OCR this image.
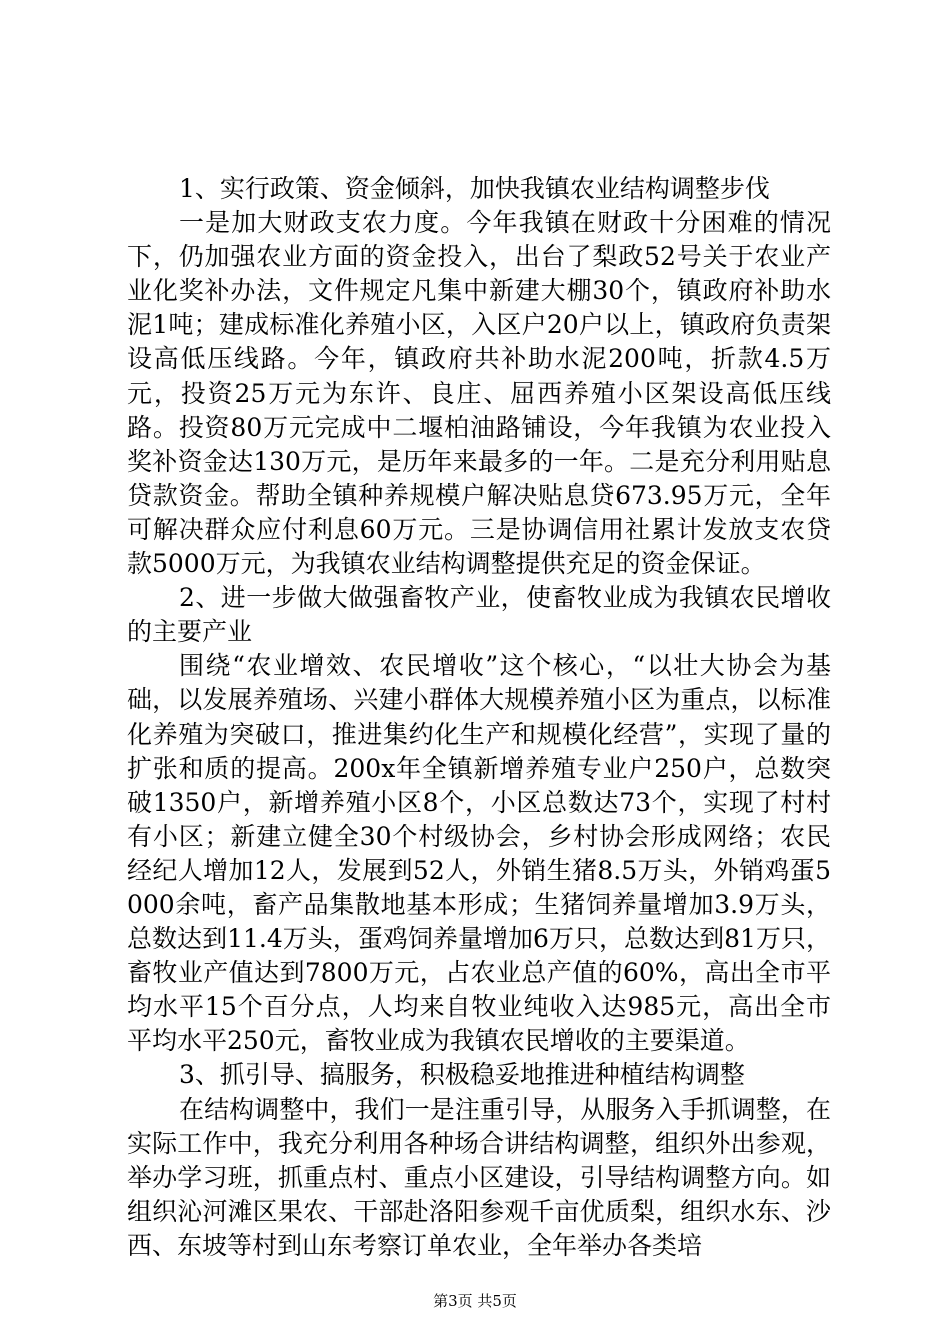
1、实行政策、资金倾斜，加快我镇农业结构调整步伐

一是加大财政支农力度。今年我镇在财政十分困难的情况下，仍加强农业方面的资金投入，出台了梨政52号关于农业产业化奖补办法，文件规定凡集中新建大棚30个，镇政府补助水泥1吨；建成标准化养殖小区，入区户20户以上，镇政府负责架设高低压线路。今年，镇政府共补助水泥200吨，折款4.5万元，投资25万元为东许、良庄、屈西养殖小区架设高低压线路。投资80万元完成中二堰柏油路铺设，今年我镇为农业投入奖补资金达130万元，是历年来最多的一年。二是充分利用贴息贷款资金。帮助全镇种养规模户解决贴息贷673.95万元，全年可解决群众应付利息60万元。三是协调信用社累计发放支农贷款5000万元，为我镇农业结构调整提供充足的资金保证。

2、进一步做大做强畜牧产业，使畜牧业成为我镇农民增收的主要产业

围绕“农业增效、农民增收”这个核心，“以壮大协会为基础，以发展养殖场、兴建小群体大规模养殖小区为重点，以标准化养殖为突破口，推进集约化生产和规模化经营”，实现了量的扩张和质的提高。200x年全镇新增养殖专业户250户，总数突破1350户，新增养殖小区8个，小区总数达73个，实现了村村有小区；新建立健全30个村级协会，乡村协会形成网络；农民经纪人增加12人，发展到52人，外销生猪8.5万头，外销鸡蛋5000余吨，畜产品集散地基本形成；生猪饲养量增加3.9万头，总数达到11.4万头，蛋鸡饲养量增加6万只，总数达到81万只，畜牧业产值达到7800万元，占农业总产值的60%，高出全市平均水平15个百分点，人均来自牧业纯收入达985元，高出全市平均水平250元，畜牧业成为我镇农民增收的主要渠道。

3、抓引导、搞服务，积极稳妥地推进种植结构调整

在结构调整中，我们一是注重引导，从服务入手抓调整，在实际工作中，我充分利用各种场合讲结构调整，组织外出参观，举办学习班，抓重点村、重点小区建设，引导结构调整方向。如组织沁河滩区果农、干部赴洛阳参观千亩优质梨，组织水东、沙西、东坡等村到山东考察订单农业，全年举办各类培

第3页 共5页
